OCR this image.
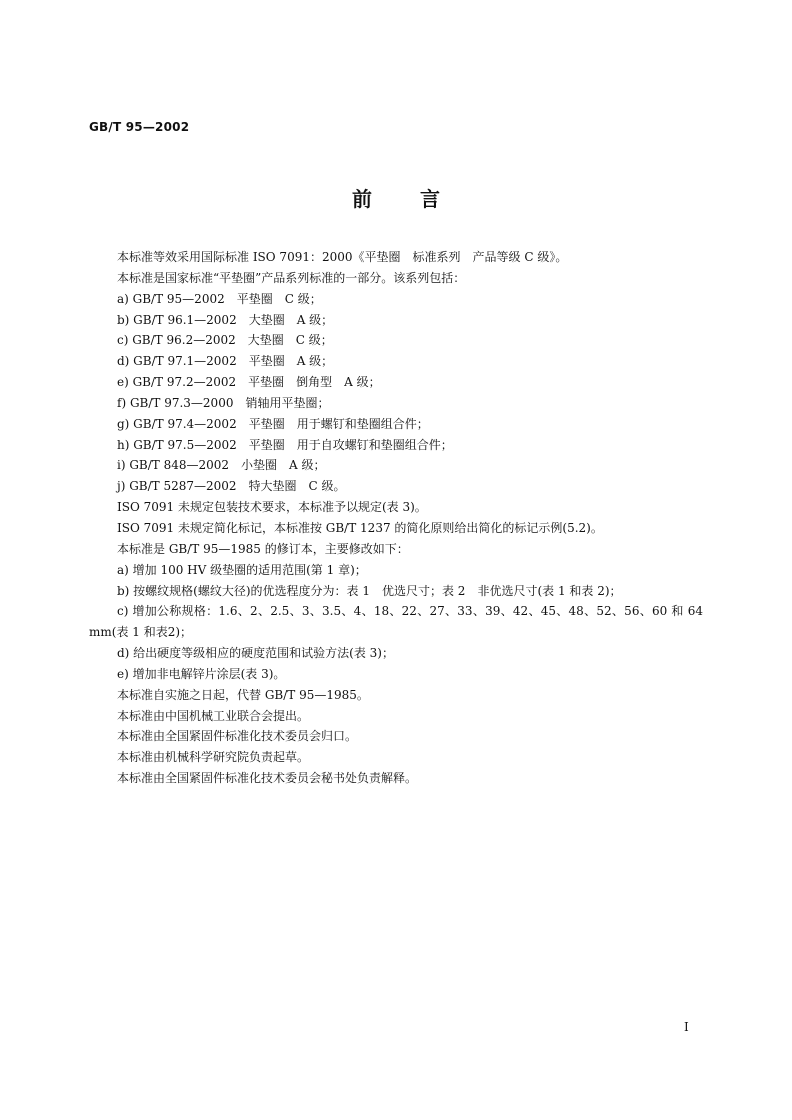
GB/T 95—2002
前言

本标准等效采用国际标准 ISO 7091：2000《平垫圈　标准系列　产品等级 C 级》。

本标准是国家标准“平垫圈”产品系列标准的一部分。该系列包括：

a) GB/T 95—2002　平垫圈　C 级；

b) GB/T 96.1—2002　大垫圈　A 级；

c) GB/T 96.2—2002　大垫圈　C 级；

d) GB/T 97.1—2002　平垫圈　A 级；

e) GB/T 97.2—2002　平垫圈　倒角型　A 级；

f) GB/T 97.3—2000　销轴用平垫圈；

g) GB/T 97.4—2002　平垫圈　用于螺钉和垫圈组合件；

h) GB/T 97.5—2002　平垫圈　用于自攻螺钉和垫圈组合件；

i) GB/T 848—2002　小垫圈　A 级；

j) GB/T 5287—2002　特大垫圈　C 级。

ISO 7091 未规定包装技术要求，本标准予以规定(表 3)。

ISO 7091 未规定简化标记，本标准按 GB/T 1237 的简化原则给出简化的标记示例(5.2)。

本标准是 GB/T 95—1985 的修订本，主要修改如下：

a) 增加 100 HV 级垫圈的适用范围(第 1 章)；

b) 按螺纹规格(螺纹大径)的优选程度分为：表 1　优选尺寸；表 2　非优选尺寸(表 1 和表 2)；

c) 增加公称规格：1.6、2、2.5、3、3.5、4、18、22、27、33、39、42、45、48、52、56、60 和 64 mm(表 1 和表2)；

d) 给出硬度等级相应的硬度范围和试验方法(表 3)；

e) 增加非电解锌片涂层(表 3)。

本标准自实施之日起，代替 GB/T 95—1985。

本标准由中国机械工业联合会提出。

本标准由全国紧固件标准化技术委员会归口。

本标准由机械科学研究院负责起草。

本标准由全国紧固件标准化技术委员会秘书处负责解释。

I
